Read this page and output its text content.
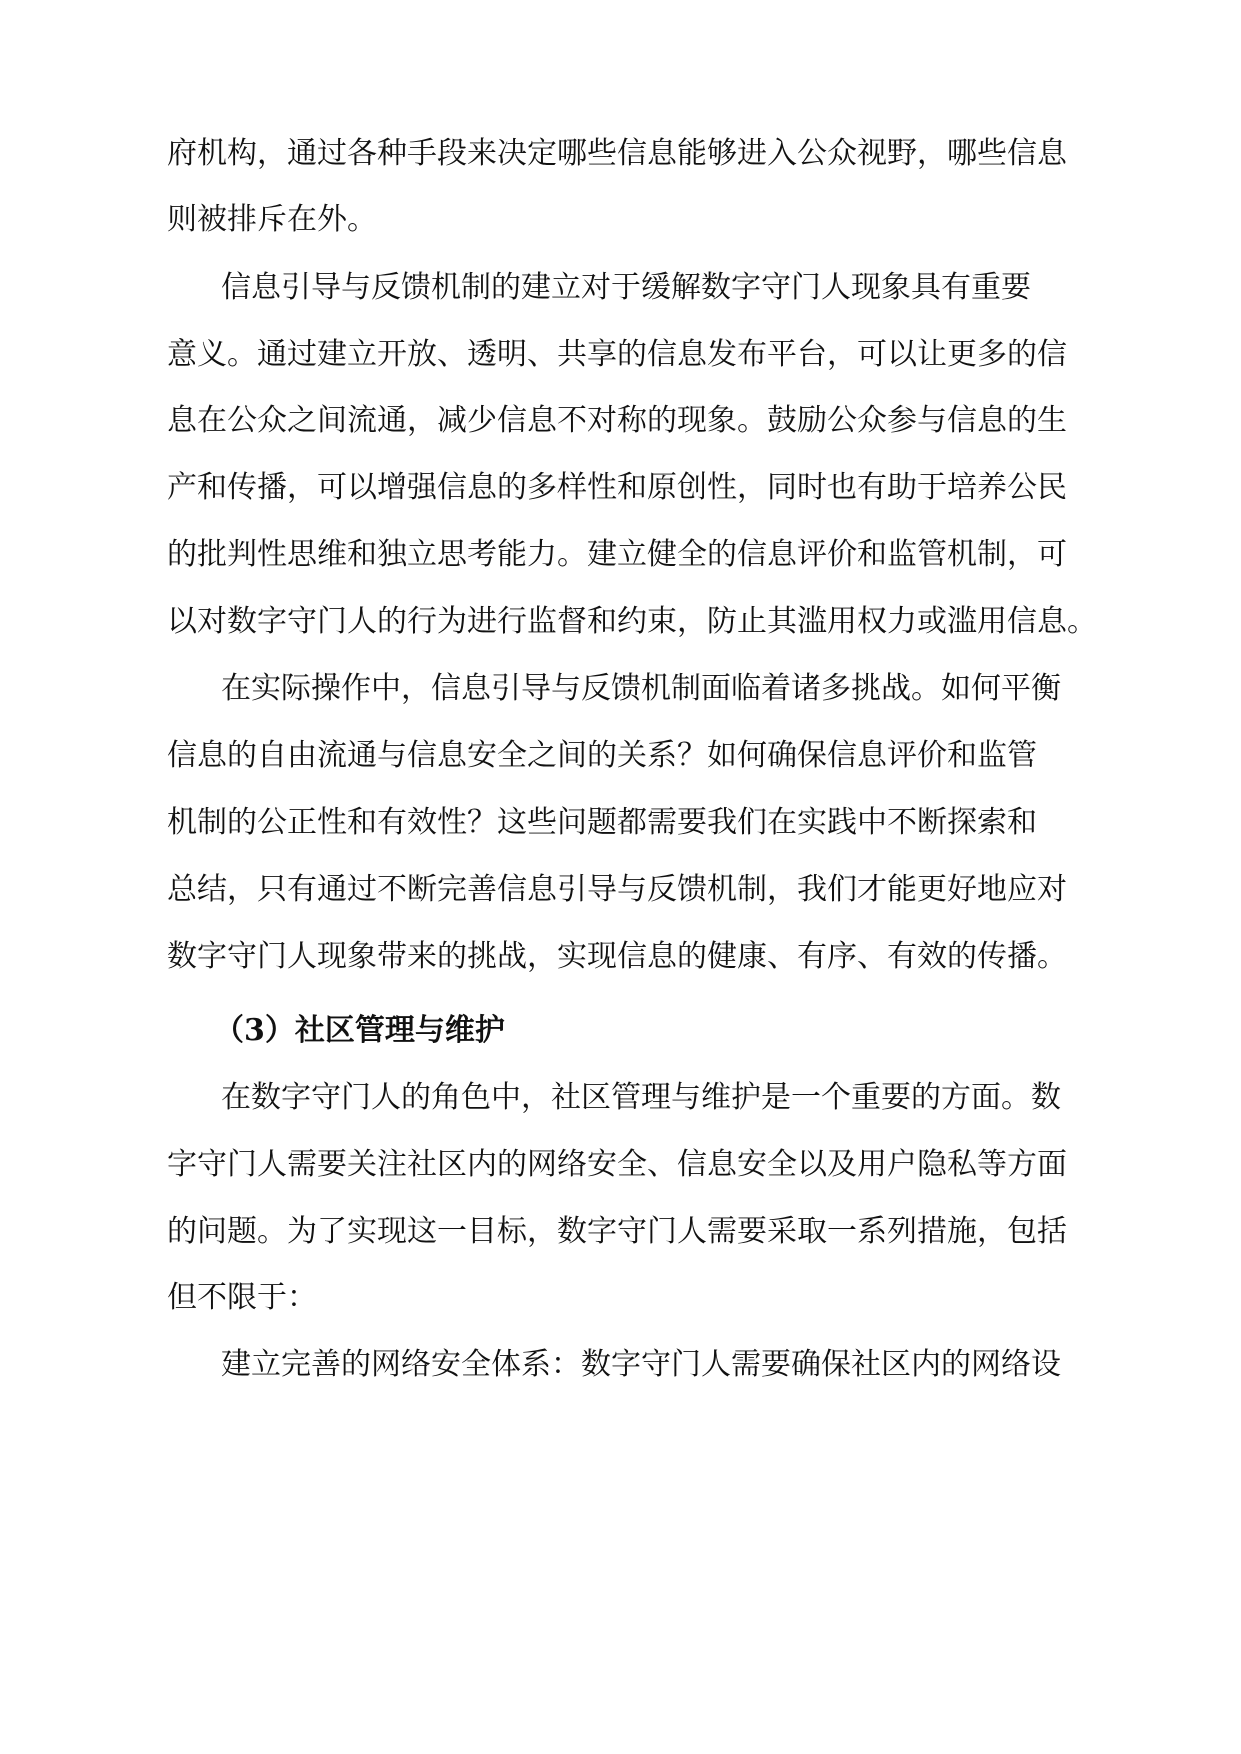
府机构，通过各种手段来决定哪些信息能够进入公众视野，哪些信息
则被排斥在外。
信息引导与反馈机制的建立对于缓解数字守门人现象具有重要
意义。通过建立开放、透明、共享的信息发布平台，可以让更多的信
息在公众之间流通，减少信息不对称的现象。鼓励公众参与信息的生
产和传播，可以增强信息的多样性和原创性，同时也有助于培养公民
的批判性思维和独立思考能力。建立健全的信息评价和监管机制，可
以对数字守门人的行为进行监督和约束，防止其滥用权力或滥用信息。
在实际操作中，信息引导与反馈机制面临着诸多挑战。如何平衡
信息的自由流通与信息安全之间的关系？如何确保信息评价和监管
机制的公正性和有效性？这些问题都需要我们在实践中不断探索和
总结，只有通过不断完善信息引导与反馈机制，我们才能更好地应对
数字守门人现象带来的挑战，实现信息的健康、有序、有效的传播。
（3）社区管理与维护
在数字守门人的角色中，社区管理与维护是一个重要的方面。数
字守门人需要关注社区内的网络安全、信息安全以及用户隐私等方面
的问题。为了实现这一目标，数字守门人需要采取一系列措施，包括
但不限于：
建立完善的网络安全体系：数字守门人需要确保社区内的网络设
